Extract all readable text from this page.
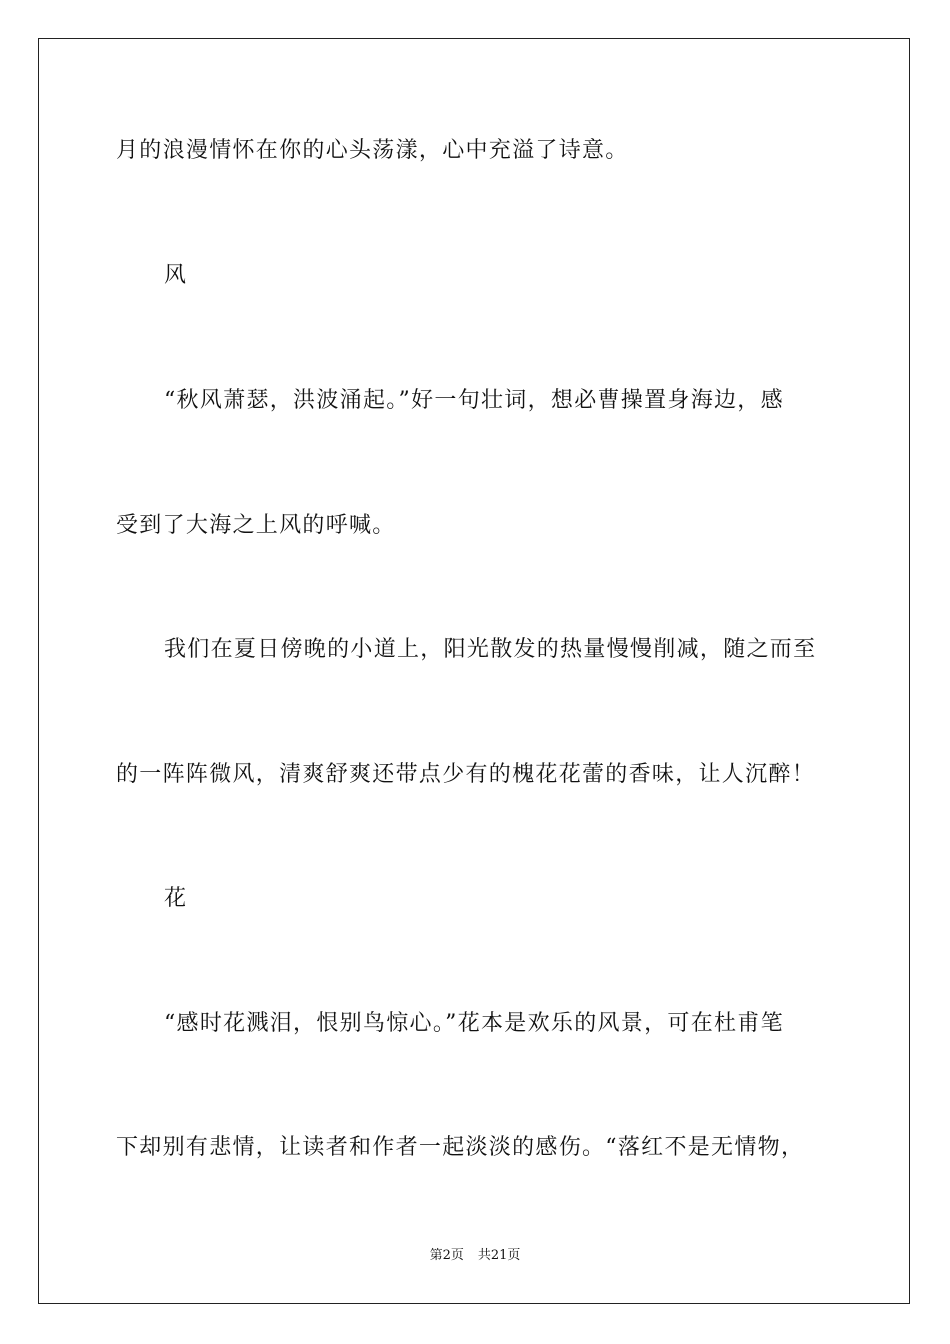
月的浪漫情怀在你的心头荡漾，心中充溢了诗意。
风
“秋风萧瑟，洪波涌起。”好一句壮词，想必曹操置身海边，感
受到了大海之上风的呼喊。
我们在夏日傍晚的小道上，阳光散发的热量慢慢削减，随之而至
的一阵阵微风，清爽舒爽还带点少有的槐花花蕾的香味，让人沉醉！
花
“感时花溅泪，恨别鸟惊心。”花本是欢乐的风景，可在杜甫笔
下却别有悲情，让读者和作者一起淡淡的感伤。“落红不是无情物，
第2页 共21页
